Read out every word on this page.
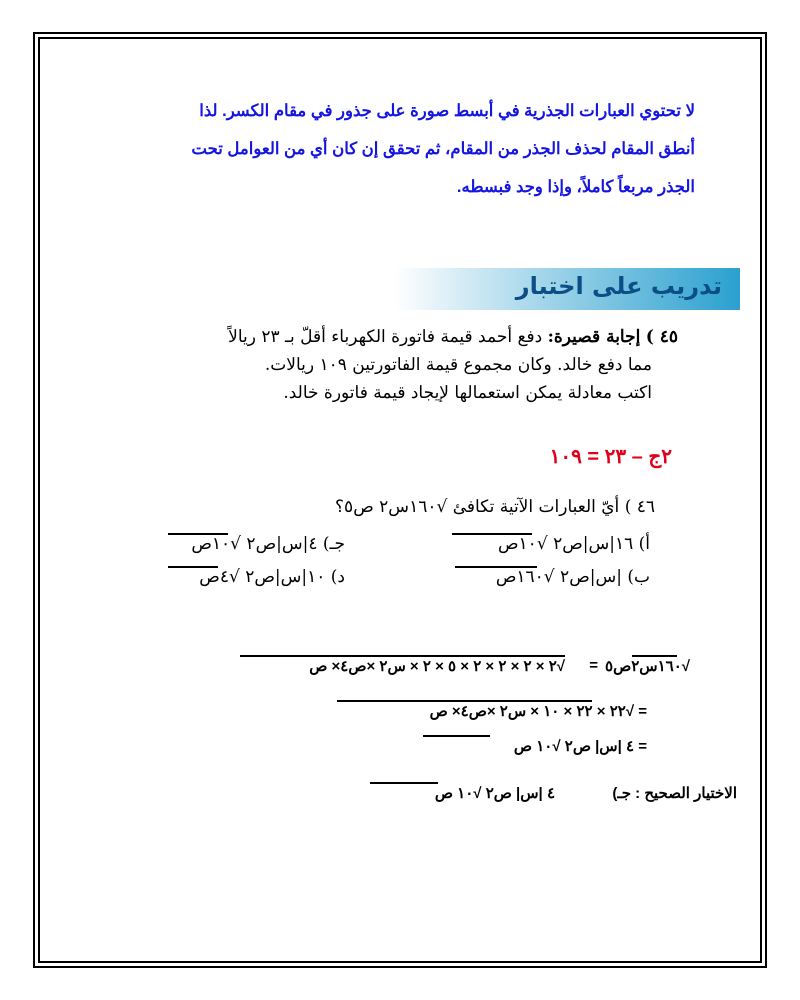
لا تحتوي العبارات الجذرية في أبسط صورة على جذور في مقام الكسر. لذا
أنطق المقام لحذف الجذر من المقام، ثم تحقق إن كان أي من العوامل تحت
الجذر مربعاً كاملاً، وإذا وجد فبسطه.
تدريب على اختبار
٤٥ ) إجابة قصيرة: دفع أحمد قيمة فاتورة الكهرباء أقلّ بـ ٢٣ ريالاً
مما دفع خالد. وكان مجموع قيمة الفاتورتين ١٠٩ ريالات.
اكتب معادلة يمكن استعمالها لإيجاد قيمة فاتورة خالد.
٢ج – ٢٣ = ١٠٩
٤٦ ) أيّ العبارات الآتية تكافئ √١٦٠س٢ ص٥؟
أ) ١٦|س|ص٢ √١٠ص
جـ) ٤|س|ص٢ √١٠ص
ب) |س|ص٢ √١٦٠ص
د) ١٠|س|ص٢ √٤ص
√١٦٠س٢ص٥
=
√٢ × ٢ × ٢ × ٢ × ٥ × ٢ × س٢ ×ص٤× ص
= √٢٢ × ٢٢ × ١٠ × س٢ ×ص٤× ص
= ٤ |س| ص٢ √١٠ ص
الاختيار الصحيح : جـ)
٤ |س| ص٢ √١٠ ص
